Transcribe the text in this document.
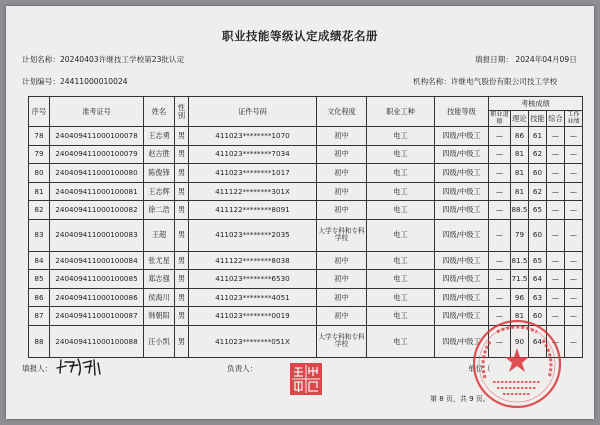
职业技能等级认定成绩花名册
计划名称：20240403许继技工学校第23批认定	填报日期： 2024年04月09日
计划编号：24411000010024	机构名称：许继电气股份有限公司技工学校
序号	准考证号	姓名	性别	证件号码	文化程度	职业工种	技能等级	考核成绩				
								职业道德	理论	技能	综合	工作业绩
78	240409411000100078	王志勇	男	411023********1070	初中	电工	四级/中级工	—	86	61	—	—
79	240409411000100079	赵古胜	男	411023********7034	初中	电工	四级/中级工	—	81	62	—	—
80	240409411000100080	陈俊锋	男	411023********1017	初中	电工	四级/中级工	—	81	60	—	—
81	240409411000100081	王志辉	男	411122********301X	初中	电工	四级/中级工	—	81	62	—	—
82	240409411000100082	徐二浩	男	411122********8091	初中	电工	四级/中级工	—	88.5	65	—	—
83	240409411000100083	王超	男	411023********2035	大学专科和专科学校	电工	四级/中级工	—	79	60	—	—
84	240409411000100084	张尤星	男	411122********8038	初中	电工	四级/中级工	—	81.5	65	—	—
85	240409411000100085	郑志强	男	411023********6530	初中	电工	四级/中级工	—	71.5	64	—	—
86	240409411000100086	侯海川	男	411023********4051	初中	电工	四级/中级工	—	96	63	—	—
87	240409411000100087	韩朝阳	男	411023********0019	初中	电工	四级/中级工	—	81	60	—	—
88	240409411000100088	汪小凯	男	411023********051X	大学专科和专科学校	电工	四级/中级工	—	90	64	—	—
填报人：	负责人：	单位（
第 8 页，共 9 页。
